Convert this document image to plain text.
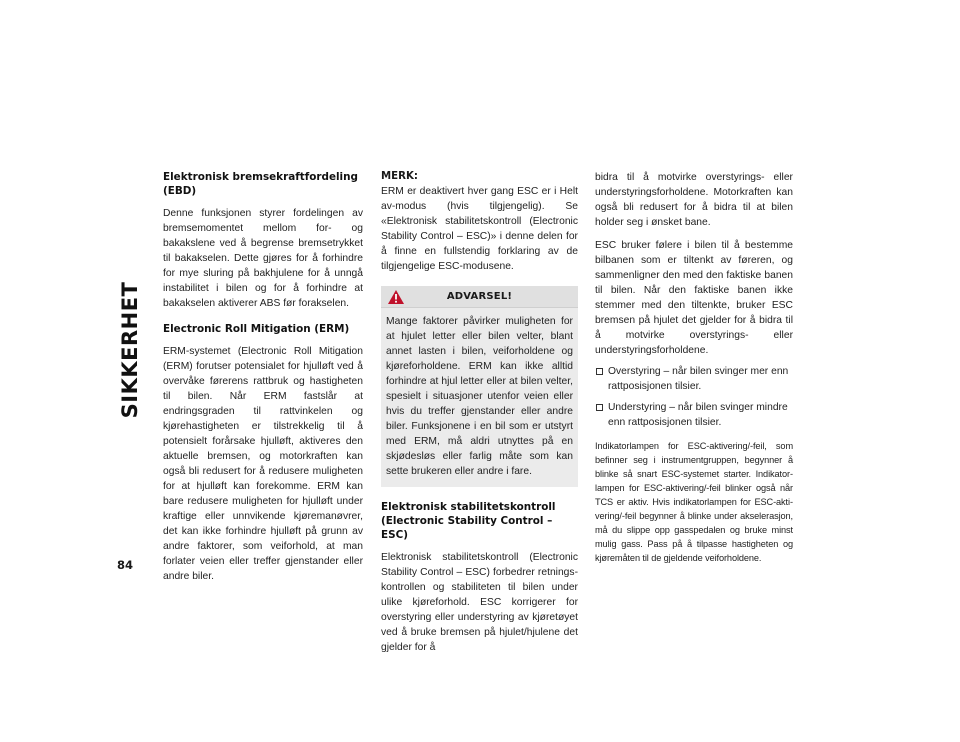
SIKKERHET
84
Elektronisk bremsekraftfordeling (EBD)
Denne funksjonen styrer fordelingen av bremsemomentet mellom for- og bakakslene ved å begrense bremsetrykket til bakakselen. Dette gjøres for å forhindre for mye sluring på bakhjulene for å unngå instabilitet i bilen og for å forhindre at bakakselen aktiverer ABS før forakselen.
Electronic Roll Mitigation (ERM)
ERM-systemet (Electronic Roll Mitigation (ERM) forutser potensialet for hjulløft ved å overvåke førerens rattbruk og hastigheten til bilen. Når ERM fastslår at endringsgraden til rattvinkelen og kjørehastigheten er tilstrekkelig til å potensielt forårsake hjulløft, aktiveres den aktuelle bremsen, og motorkraften kan også bli redusert for å redusere muligheten for at hjulløft kan forekomme. ERM kan bare redusere muligheten for hjulløft under kraftige eller unnvikende kjøremanøvrer, det kan ikke forhindre hjulløft på grunn av andre faktorer, som veiforhold, at man forlater veien eller treffer gjenstander eller andre biler.
MERK:
ERM er deaktivert hver gang ESC er i Helt av-modus (hvis tilgjengelig). Se «Elektronisk stabilitetskontroll (Electronic Stability Control – ESC)» i denne delen for å finne en fullstendig forklaring av de tilgjengelige ESC-modusene.
ADVARSEL!
Mange faktorer påvirker muligheten for at hjulet letter eller bilen velter, blant annet lasten i bilen, veiforholdene og kjøreforholdene. ERM kan ikke alltid forhindre at hjul letter eller at bilen velter, spesielt i situasjoner utenfor veien eller hvis du treffer gjenstander eller andre biler. Funksjonene i en bil som er utstyrt med ERM, må aldri utnyttes på en skjødesløs eller farlig måte som kan sette brukeren eller andre i fare.
Elektronisk stabilitetskontroll (Electronic Stability Control – ESC)
Elektronisk stabilitetskontroll (Electronic Stability Control – ESC) forbedrer retningskontrollen og stabiliteten til bilen under ulike kjøreforhold. ESC korrigerer for overstyring eller understyring av kjøretøyet ved å bruke bremsen på hjulet/hjulene det gjelder for å
bidra til å motvirke overstyrings- eller understyringsforholdene. Motorkraften kan også bli redusert for å bidra til at bilen holder seg i ønsket bane.
ESC bruker følere i bilen til å bestemme bilbanen som er tiltenkt av føreren, og sammenligner den med den faktiske banen til bilen. Når den faktiske banen ikke stemmer med den tiltenkte, bruker ESC bremsen på hjulet det gjelder for å bidra til å motvirke overstyrings- eller understyringsforholdene.
Overstyring – når bilen svinger mer enn rattposisjonen tilsier.
Understyring – når bilen svinger mindre enn rattposisjonen tilsier.
Indikatorlampen for ESC-aktivering/-feil, som befinner seg i instrumentgruppen, begynner å blinke så snart ESC-systemet starter. Indikatorlampen for ESC-aktivering/-feil blinker også når TCS er aktiv. Hvis indikatorlampen for ESC-aktivering/-feil begynner å blinke under akselerasjon, må du slippe opp gasspedalen og bruke minst mulig gass. Pass på å tilpasse hastigheten og kjøremåten til de gjeldende veiforholdene.
